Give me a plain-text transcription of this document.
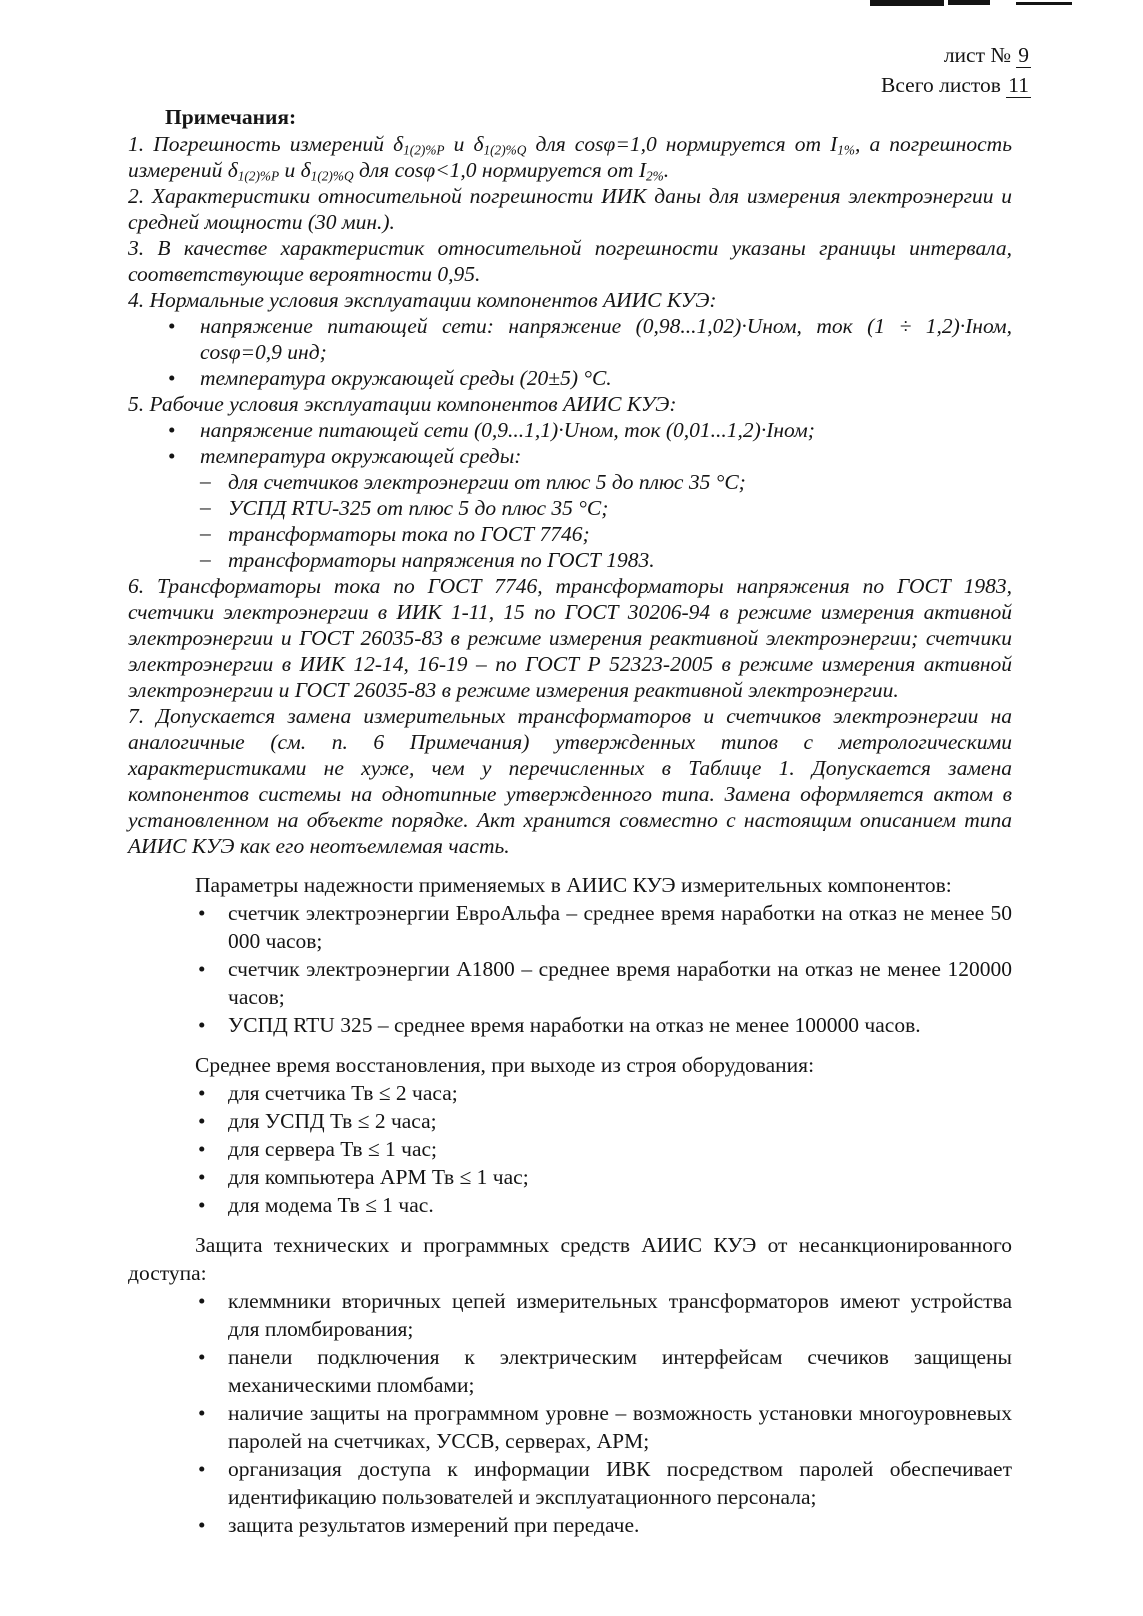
лист № 9
Всего листов 11
Примечания:
1. Погрешность измерений $\delta_{1(2)\%P}$ и $\delta_{1(2)\%Q}$ для cosφ=1,0 нормируется от $I_{1\%}$, а погрешность измерений $\delta_{1(2)\%P}$ и $\delta_{1(2)\%Q}$ для cosφ<1,0 нормируется от $I_{2\%}$.
2. Характеристики относительной погрешности ИИК даны для измерения электроэнергии и средней мощности (30 мин.).
3. В качестве характеристик относительной погрешности указаны границы интервала, соответствующие вероятности 0,95.
4. Нормальные условия эксплуатации компонентов АИИС КУЭ:
• напряжение питающей сети: напряжение (0,98...1,02)·Uном, ток (1 ÷ 1,2)·Iном, cosφ=0,9 инд;
• температура окружающей среды (20±5) °С.
5. Рабочие условия эксплуатации компонентов АИИС КУЭ:
• напряжение питающей сети (0,9...1,1)·Uном, ток (0,01...1,2)·Iном;
• температура окружающей среды:
– для счетчиков электроэнергии от плюс 5 до плюс 35 °С;
– УСПД RTU-325 от плюс 5 до плюс 35 °С;
– трансформаторы тока по ГОСТ 7746;
– трансформаторы напряжения по ГОСТ 1983.
6. Трансформаторы тока по ГОСТ 7746, трансформаторы напряжения по ГОСТ 1983, счетчики электроэнергии в ИИК 1-11, 15 по ГОСТ 30206-94 в режиме измерения активной электроэнергии и ГОСТ 26035-83 в режиме измерения реактивной электроэнергии; счетчики электроэнергии в ИИК 12-14, 16-19 – по ГОСТ Р 52323-2005 в режиме измерения активной электроэнергии и ГОСТ 26035-83 в режиме измерения реактивной электроэнергии.
7. Допускается замена измерительных трансформаторов и счетчиков электроэнергии на аналогичные (см. п. 6 Примечания) утвержденных типов с метрологическими характеристиками не хуже, чем у перечисленных в Таблице 1. Допускается замена компонентов системы на однотипные утвержденного типа. Замена оформляется актом в установленном на объекте порядке. Акт хранится совместно с настоящим описанием типа АИИС КУЭ как его неотъемлемая часть.
Параметры надежности применяемых в АИИС КУЭ измерительных компонентов:
• счетчик электроэнергии ЕвроАльфа – среднее время наработки на отказ не менее 50 000 часов;
• счетчик электроэнергии А1800 – среднее время наработки на отказ не менее 120000 часов;
• УСПД RTU 325 – среднее время наработки на отказ не менее 100000 часов.
Среднее время восстановления, при выходе из строя оборудования:
• для счетчика Тв ≤ 2 часа;
• для УСПД Тв ≤ 2 часа;
• для сервера Тв ≤ 1 час;
• для компьютера АРМ Тв ≤ 1 час;
• для модема Тв ≤ 1 час.
Защита технических и программных средств АИИС КУЭ от несанкционированного доступа:
• клеммники вторичных цепей измерительных трансформаторов имеют устройства для пломбирования;
• панели подключения к электрическим интерфейсам счечиков защищены механическими пломбами;
• наличие защиты на программном уровне – возможность установки многоуровневых паролей на счетчиках, УССВ, серверах, АРМ;
• организация доступа к информации ИВК посредством паролей обеспечивает идентификацию пользователей и эксплуатационного персонала;
• защита результатов измерений при передаче.
